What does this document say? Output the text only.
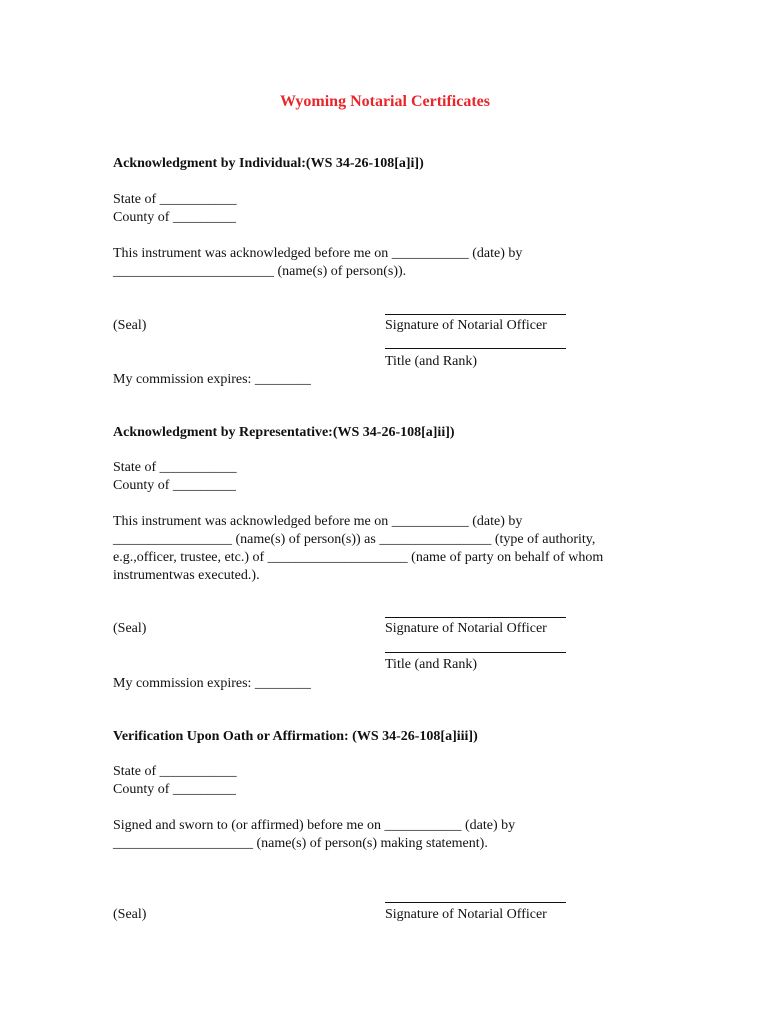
Wyoming Notarial Certificates
Acknowledgment by Individual:(WS 34-26-108[a]i])
State of ___________
County of _________
This instrument was acknowledged before me on ___________ (date) by
_______________________ (name(s) of person(s)).
(Seal)	Signature of Notarial Officer
Title (and Rank)
My commission expires: ________
Acknowledgment by Representative:(WS 34-26-108[a]ii])
State of ___________
County of _________
This instrument was acknowledged before me on ___________ (date) by
_________________ (name(s) of person(s)) as ________________ (type of authority,
e.g.,officer, trustee, etc.) of ____________________ (name of party on behalf of whom
instrumentwas executed.).
(Seal)	Signature of Notarial Officer
Title (and Rank)
My commission expires: ________
Verification Upon Oath or Affirmation: (WS 34-26-108[a]iii])
State of ___________
County of _________
Signed and sworn to (or affirmed) before me on ___________ (date) by
____________________ (name(s) of person(s) making statement).
(Seal)	Signature of Notarial Officer
